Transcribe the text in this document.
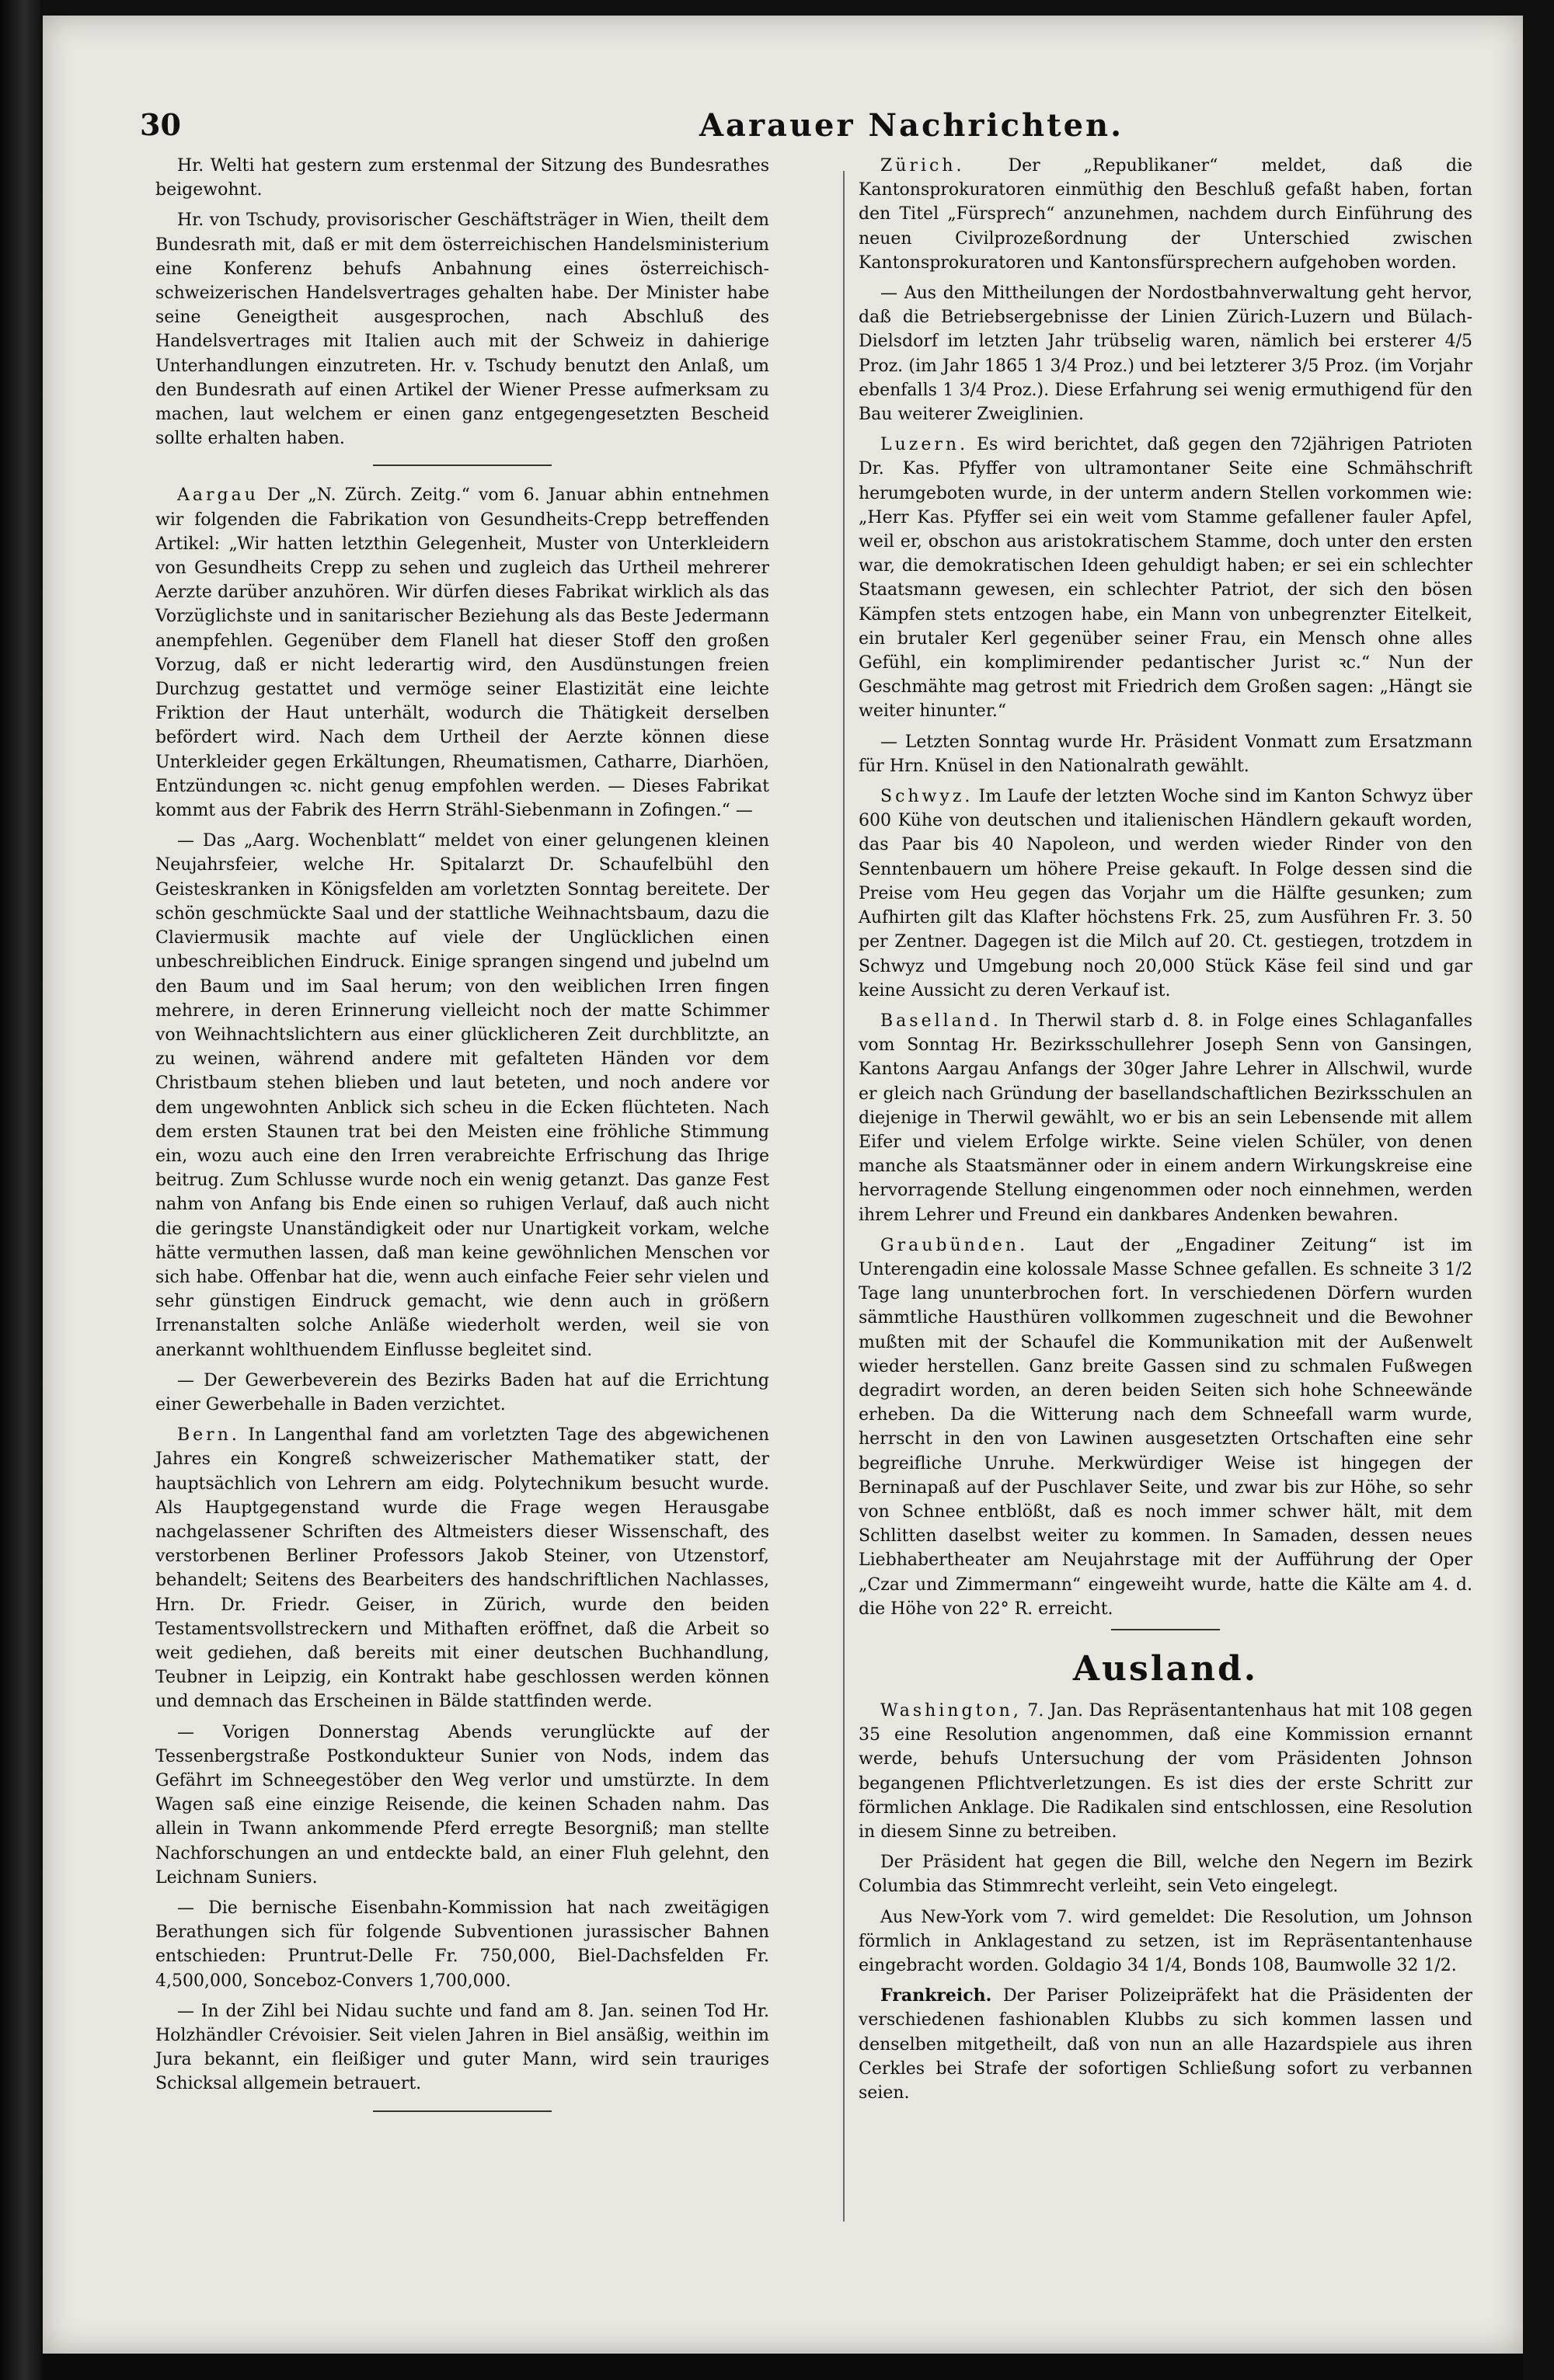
30	Aarauer Nachrichten.

Hr. Welti hat gestern zum erstenmal der Sitzung des Bundesrathes beigewohnt.

Hr. von Tschudy, provisorischer Geschäftsträger in Wien, theilt dem Bundesrath mit, daß er mit dem österreichischen Handelsministerium eine Konferenz behufs Anbahnung eines österreichisch-schweizerischen Handelsvertrages gehalten habe. Der Minister habe seine Geneigtheit ausgesprochen, nach Abschluß des Handelsvertrages mit Italien auch mit der Schweiz in dahierige Unterhandlungen einzutreten. Hr. v. Tschudy benutzt den Anlaß, um den Bundesrath auf einen Artikel der Wiener Presse aufmerksam zu machen, laut welchem er einen ganz entgegengesetzten Bescheid sollte erhalten haben.

Aargau Der „N. Zürch. Zeitg.“ vom 6. Januar abhin entnehmen wir folgenden die Fabrikation von Gesundheits-Crepp betreffenden Artikel: „Wir hatten letzthin Gelegenheit, Muster von Unterkleidern von Gesundheits Crepp zu sehen und zugleich das Urtheil mehrerer Aerzte darüber anzuhören. Wir dürfen dieses Fabrikat wirklich als das Vorzüglichste und in sanitarischer Beziehung als das Beste Jedermann anempfehlen. Gegenüber dem Flanell hat dieser Stoff den großen Vorzug, daß er nicht lederartig wird, den Ausdünstungen freien Durchzug gestattet und vermöge seiner Elastizität eine leichte Friktion der Haut unterhält, wodurch die Thätigkeit derselben befördert wird. Nach dem Urtheil der Aerzte können diese Unterkleider gegen Erkältungen, Rheumatismen, Catharre, Diarhöen, Entzündungen ꝛc. nicht genug empfohlen werden. — Dieses Fabrikat kommt aus der Fabrik des Herrn Strähl-Siebenmann in Zofingen.“ —

— Das „Aarg. Wochenblatt“ meldet von einer gelungenen kleinen Neujahrsfeier, welche Hr. Spitalarzt Dr. Schaufelbühl den Geisteskranken in Königsfelden am vorletzten Sonntag bereitete. Der schön geschmückte Saal und der stattliche Weihnachtsbaum, dazu die Claviermusik machte auf viele der Unglücklichen einen unbeschreiblichen Eindruck. Einige sprangen singend und jubelnd um den Baum und im Saal herum; von den weiblichen Irren fingen mehrere, in deren Erinnerung vielleicht noch der matte Schimmer von Weihnachtslichtern aus einer glücklicheren Zeit durchblitzte, an zu weinen, während andere mit gefalteten Händen vor dem Christbaum stehen blieben und laut beteten, und noch andere vor dem ungewohnten Anblick sich scheu in die Ecken flüchteten. Nach dem ersten Staunen trat bei den Meisten eine fröhliche Stimmung ein, wozu auch eine den Irren verabreichte Erfrischung das Ihrige beitrug. Zum Schlusse wurde noch ein wenig getanzt. Das ganze Fest nahm von Anfang bis Ende einen so ruhigen Verlauf, daß auch nicht die geringste Unanständigkeit oder nur Unartigkeit vorkam, welche hätte vermuthen lassen, daß man keine gewöhnlichen Menschen vor sich habe. Offenbar hat die, wenn auch einfache Feier sehr vielen und sehr günstigen Eindruck gemacht, wie denn auch in größern Irrenanstalten solche Anläße wiederholt werden, weil sie von anerkannt wohlthuendem Einflusse begleitet sind.

— Der Gewerbeverein des Bezirks Baden hat auf die Errichtung einer Gewerbehalle in Baden verzichtet.

Bern. In Langenthal fand am vorletzten Tage des abgewichenen Jahres ein Kongreß schweizerischer Mathematiker statt, der hauptsächlich von Lehrern am eidg. Polytechnikum besucht wurde. Als Hauptgegenstand wurde die Frage wegen Herausgabe nachgelassener Schriften des Altmeisters dieser Wissenschaft, des verstorbenen Berliner Professors Jakob Steiner, von Utzenstorf, behandelt; Seitens des Bearbeiters des handschriftlichen Nachlasses, Hrn. Dr. Friedr. Geiser, in Zürich, wurde den beiden Testamentsvollstreckern und Mithaften eröffnet, daß die Arbeit so weit gediehen, daß bereits mit einer deutschen Buchhandlung, Teubner in Leipzig, ein Kontrakt habe geschlossen werden können und demnach das Erscheinen in Bälde stattfinden werde.

— Vorigen Donnerstag Abends verunglückte auf der Tessenbergstraße Postkondukteur Sunier von Nods, indem das Gefährt im Schneegestöber den Weg verlor und umstürzte. In dem Wagen saß eine einzige Reisende, die keinen Schaden nahm. Das allein in Twann ankommende Pferd erregte Besorgniß; man stellte Nachforschungen an und entdeckte bald, an einer Fluh gelehnt, den Leichnam Suniers.

— Die bernische Eisenbahn-Kommission hat nach zweitägigen Berathungen sich für folgende Subventionen jurassischer Bahnen entschieden: Pruntrut-Delle Fr. 750,000, Biel-Dachsfelden Fr. 4,500,000, Sonceboz-Convers 1,700,000.

— In der Zihl bei Nidau suchte und fand am 8. Jan. seinen Tod Hr. Holzhändler Crévoisier. Seit vielen Jahren in Biel ansäßig, weithin im Jura bekannt, ein fleißiger und guter Mann, wird sein trauriges Schicksal allgemein betrauert.

Zürich.	Der „Republikaner“ meldet, daß die Kantonsprokuratoren einmüthig den Beschluß gefaßt haben, fortan den Titel „Fürsprech“ anzunehmen, nachdem durch Einführung des neuen Civilprozeßordnung der Unterschied zwischen Kantonsprokuratoren und Kantonsfürsprechern aufgehoben worden.

— Aus den Mittheilungen der Nordostbahnverwaltung geht hervor, daß die Betriebsergebnisse der Linien Zürich-Luzern und Bülach-Dielsdorf im letzten Jahr trübselig waren, nämlich bei ersterer 4/5 Proz. (im Jahr 1865 1 3/4 Proz.) und bei letzterer 3/5 Proz. (im Vorjahr ebenfalls 1 3/4 Proz.). Diese Erfahrung sei wenig ermuthigend für den Bau weiterer Zweiglinien.

Luzern. Es wird berichtet, daß gegen den 72jährigen Patrioten Dr. Kas. Pfyffer von ultramontaner Seite eine Schmähschrift herumgeboten wurde, in der unterm andern Stellen vorkommen wie: „Herr Kas. Pfyffer sei ein weit vom Stamme gefallener fauler Apfel, weil er, obschon aus aristokratischem Stamme, doch unter den ersten war, die demokratischen Ideen gehuldigt haben; er sei ein schlechter Staatsmann gewesen, ein schlechter Patriot, der sich den bösen Kämpfen stets entzogen habe, ein Mann von unbegrenzter Eitelkeit, ein brutaler Kerl gegenüber seiner Frau, ein Mensch ohne alles Gefühl, ein komplimirender pedantischer Jurist ꝛc.“ Nun der Geschmähte mag getrost mit Friedrich dem Großen sagen: „Hängt sie weiter hinunter.“

— Letzten Sonntag wurde Hr. Präsident Vonmatt zum Ersatzmann für Hrn. Knüsel in den Nationalrath gewählt.

Schwyz. Im Laufe der letzten Woche sind im Kanton Schwyz über 600 Kühe von deutschen und italienischen Händlern gekauft worden, das Paar bis 40 Napoleon, und werden wieder Rinder von den Senntenbauern um höhere Preise gekauft. In Folge dessen sind die Preise vom Heu gegen das Vorjahr um die Hälfte gesunken; zum Aufhirten gilt das Klafter höchstens Frk. 25, zum Ausführen Fr. 3. 50 per Zentner. Dagegen ist die Milch auf 20. Ct. gestiegen, trotzdem in Schwyz und Umgebung noch 20,000 Stück Käse feil sind und gar keine Aussicht zu deren Verkauf ist.

Baselland. In Therwil starb d. 8. in Folge eines Schlaganfalles vom Sonntag Hr. Bezirksschullehrer Joseph Senn von Gansingen, Kantons Aargau Anfangs der 30ger Jahre Lehrer in Allschwil, wurde er gleich nach Gründung der basellandschaftlichen Bezirksschulen an diejenige in Therwil gewählt, wo er bis an sein Lebensende mit allem Eifer und vielem Erfolge wirkte. Seine vielen Schüler, von denen manche als Staatsmänner oder in einem andern Wirkungskreise eine hervorragende Stellung eingenommen oder noch einnehmen, werden ihrem Lehrer und Freund ein dankbares Andenken bewahren.

Graubünden. Laut der „Engadiner Zeitung“ ist im Unterengadin eine kolossale Masse Schnee gefallen. Es schneite 3 1/2 Tage lang ununterbrochen fort. In verschiedenen Dörfern wurden sämmtliche Hausthüren vollkommen zugeschneit und die Bewohner mußten mit der Schaufel die Kommunikation mit der Außenwelt wieder herstellen. Ganz breite Gassen sind zu schmalen Fußwegen degradirt worden, an deren beiden Seiten sich hohe Schneewände erheben. Da die Witterung nach dem Schneefall warm wurde, herrscht in den von Lawinen ausgesetzten Ortschaften eine sehr begreifliche Unruhe. Merkwürdiger Weise ist hingegen der Berninapaß auf der Puschlaver Seite, und zwar bis zur Höhe, so sehr von Schnee entblößt, daß es noch immer schwer hält, mit dem Schlitten daselbst weiter zu kommen. In Samaden, dessen neues Liebhabertheater am Neujahrstage mit der Aufführung der Oper „Czar und Zimmermann“ eingeweiht wurde, hatte die Kälte am 4. d. die Höhe von 22° R. erreicht.

Ausland.

Washington, 7. Jan. Das Repräsentantenhaus hat mit 108 gegen 35 eine Resolution angenommen, daß eine Kommission ernannt werde, behufs Untersuchung der vom Präsidenten Johnson begangenen Pflichtverletzungen. Es ist dies der erste Schritt zur förmlichen Anklage. Die Radikalen sind entschlossen, eine Resolution in diesem Sinne zu betreiben.

Der Präsident hat gegen die Bill, welche den Negern im Bezirk Columbia das Stimmrecht verleiht, sein Veto eingelegt.

Aus New-York vom 7. wird gemeldet: Die Resolution, um Johnson förmlich in Anklagestand zu setzen, ist im Repräsentantenhause eingebracht worden. Goldagio 34 1/4, Bonds 108, Baumwolle 32 1/2.

Frankreich. Der Pariser Polizeipräfekt hat die Präsidenten der verschiedenen fashionablen Klubbs zu sich kommen lassen und denselben mitgetheilt, daß von nun an alle Hazardspiele aus ihren Cerkles bei Strafe der sofortigen Schließung sofort zu verbannen seien.
